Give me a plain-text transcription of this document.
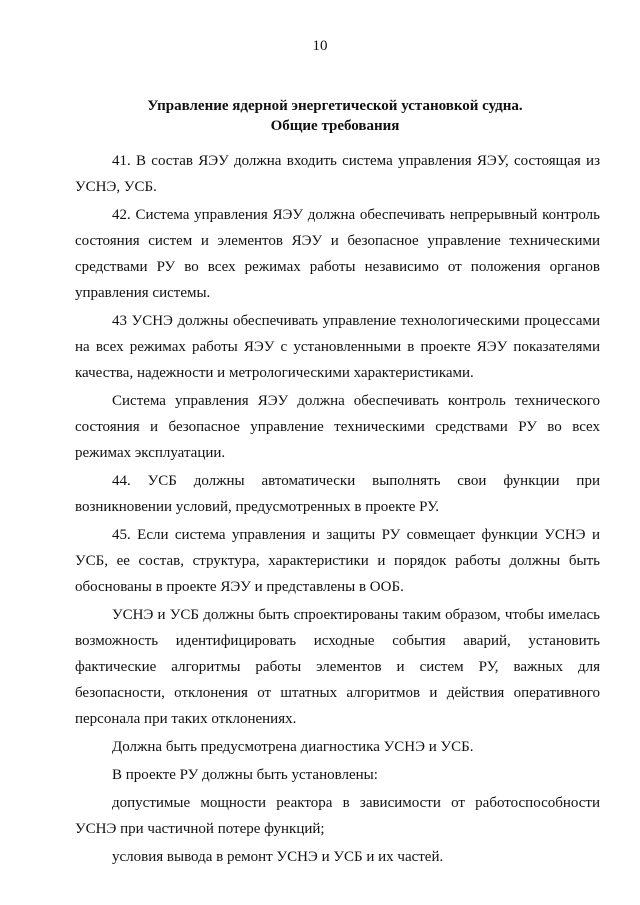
10
Управление ядерной энергетической установкой судна.
Общие требования

41. В состав ЯЭУ должна входить система управления ЯЭУ, состоящая из УСНЭ, УСБ.

42. Система управления ЯЭУ должна обеспечивать непрерывный контроль состояния систем и элементов ЯЭУ и безопасное управление техническими средствами РУ во всех режимах работы независимо от положения органов управления системы.

43 УСНЭ должны обеспечивать управление технологическими процессами на всех режимах работы ЯЭУ с установленными в проекте ЯЭУ показателями качества, надежности и метрологическими характеристиками.

Система управления ЯЭУ должна обеспечивать контроль технического состояния и безопасное управление техническими средствами РУ во всех режимах эксплуатации.

44. УСБ должны автоматически выполнять свои функции при возникновении условий, предусмотренных в проекте РУ.

45. Если система управления и защиты РУ совмещает функции УСНЭ и УСБ, ее состав, структура, характеристики и порядок работы должны быть обоснованы в проекте ЯЭУ и представлены в ООБ.

УСНЭ и УСБ должны быть спроектированы таким образом, чтобы имелась возможность идентифицировать исходные события аварий, установить фактические алгоритмы работы элементов и систем РУ, важных для безопасности, отклонения от штатных алгоритмов и действия оперативного персонала при таких отклонениях.

Должна быть предусмотрена диагностика УСНЭ и УСБ.

В проекте РУ должны быть установлены:

допустимые мощности реактора в зависимости от работоспособности УСНЭ при частичной потере функций;

условия вывода в ремонт УСНЭ и УСБ и их частей.
